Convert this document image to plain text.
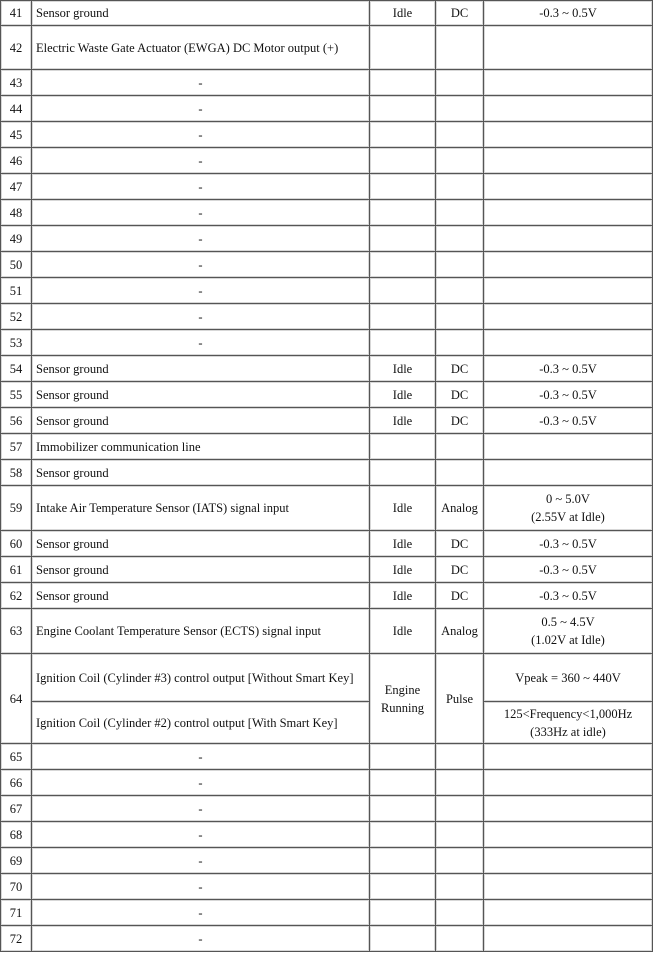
41	Sensor ground	Idle	DC	-0.3 ~ 0.5V
42	Electric Waste Gate Actuator (EWGA) DC Motor output (+)			
43	-			
44	-			
45	-			
46	-			
47	-			
48	-			
49	-			
50	-			
51	-			
52	-			
53	-			
54	Sensor ground	Idle	DC	-0.3 ~ 0.5V
55	Sensor ground	Idle	DC	-0.3 ~ 0.5V
56	Sensor ground	Idle	DC	-0.3 ~ 0.5V
57	Immobilizer communication line			
58	Sensor ground			
59	Intake Air Temperature Sensor (IATS) signal input	Idle	Analog	0 ~ 5.0V
(2.55V at Idle)
60	Sensor ground	Idle	DC	-0.3 ~ 0.5V
61	Sensor ground	Idle	DC	-0.3 ~ 0.5V
62	Sensor ground	Idle	DC	-0.3 ~ 0.5V
63	Engine Coolant Temperature Sensor (ECTS) signal input	Idle	Analog	0.5 ~ 4.5V
(1.02V at Idle)
64	Ignition Coil (Cylinder #3) control output [Without Smart Key]	Engine Running	Pulse	Vpeak = 360 ~ 440V
	Ignition Coil (Cylinder #2) control output [With Smart Key]			125<Frequency<1,000Hz
(333Hz at idle)
65	-			
66	-			
67	-			
68	-			
69	-			
70	-			
71	-			
72	-			
